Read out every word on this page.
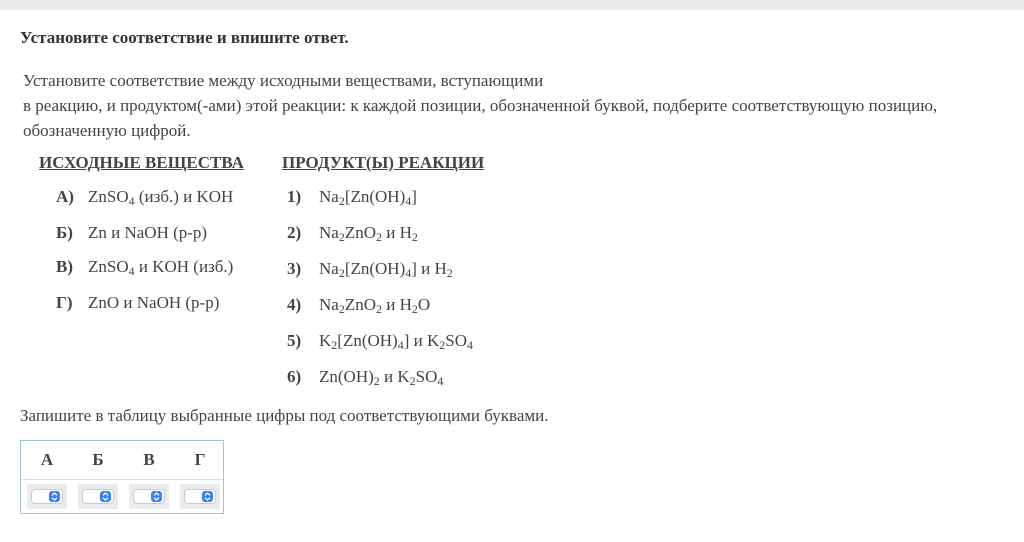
Установите соответствие и впишите ответ.
Установите соответствие между исходными веществами, вступающими
в реакцию, и продуктом(-ами) этой реакции: к каждой позиции, обозначенной буквой, подберите соответствующую позицию,
обозначенную цифрой.
ИСХОДНЫЕ ВЕЩЕСТВА ПРОДУКТ(Ы) РЕАКЦИИ
А) ZnSO$_4$ (изб.) и KOH
Б) Zn и NaOH (р-р)
В) ZnSO$_4$ и KOH (изб.)
Г) ZnO и NaOH (р-р)
1) $Na_2[Zn(OH)_4]$
2) $Na_2ZnO_2$ и $H_2$
3) $Na_2[Zn(OH)_4]$ и $H_2$
4) $Na_2ZnO_2$ и $H_2O$
5) $K_2[Zn(OH)_4]$ и $K_2SO_4$
6) $Zn(OH)_2$ и $K_2SO_4$
Запишите в таблицу выбранные цифры под соответствующими буквами.
А	Б	В	Г
